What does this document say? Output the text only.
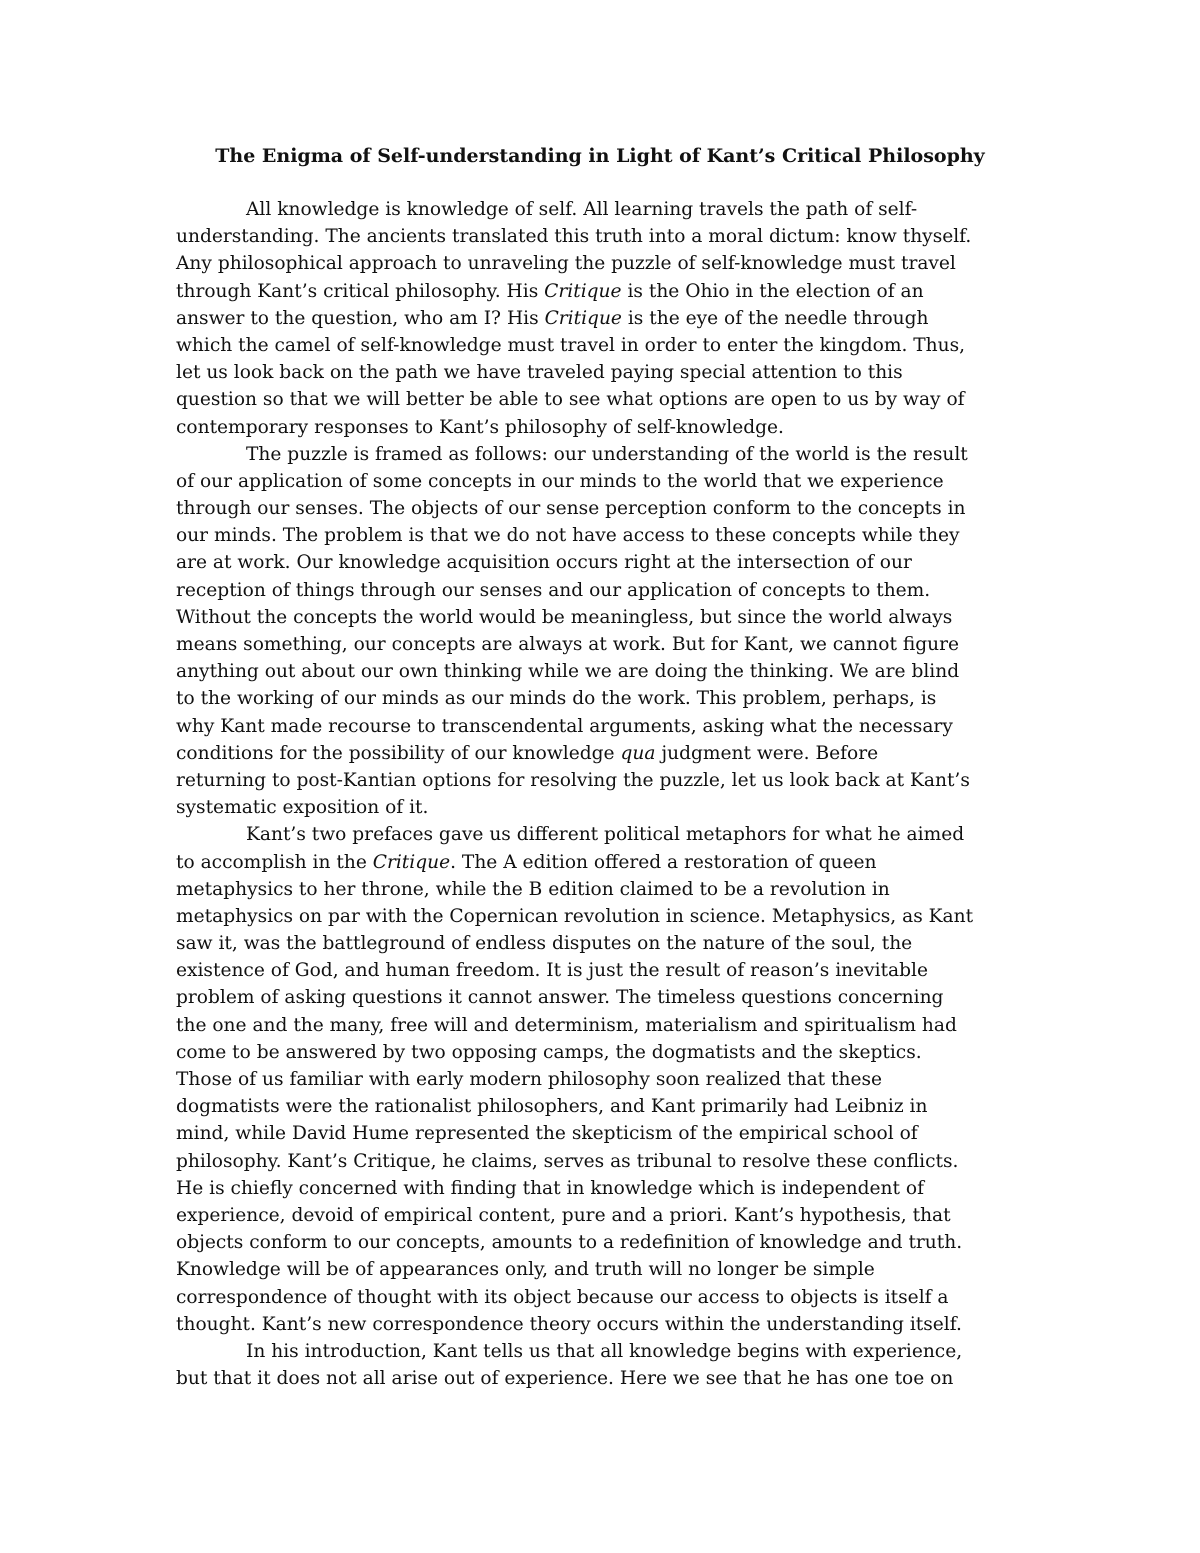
The Enigma of Self-understanding in Light of Kant’s Critical Philosophy
All knowledge is knowledge of self. All learning travels the path of self-
understanding. The ancients translated this truth into a moral dictum: know thyself.
Any philosophical approach to unraveling the puzzle of self-knowledge must travel
through Kant’s critical philosophy. His Critique is the Ohio in the election of an
answer to the question, who am I? His Critique is the eye of the needle through
which the camel of self-knowledge must travel in order to enter the kingdom. Thus,
let us look back on the path we have traveled paying special attention to this
question so that we will better be able to see what options are open to us by way of
contemporary responses to Kant’s philosophy of self-knowledge.
The puzzle is framed as follows: our understanding of the world is the result
of our application of some concepts in our minds to the world that we experience
through our senses. The objects of our sense perception conform to the concepts in
our minds. The problem is that we do not have access to these concepts while they
are at work. Our knowledge acquisition occurs right at the intersection of our
reception of things through our senses and our application of concepts to them.
Without the concepts the world would be meaningless, but since the world always
means something, our concepts are always at work. But for Kant, we cannot figure
anything out about our own thinking while we are doing the thinking. We are blind
to the working of our minds as our minds do the work. This problem, perhaps, is
why Kant made recourse to transcendental arguments, asking what the necessary
conditions for the possibility of our knowledge qua judgment were. Before
returning to post-Kantian options for resolving the puzzle, let us look back at Kant’s
systematic exposition of it.
Kant’s two prefaces gave us different political metaphors for what he aimed
to accomplish in the Critique. The A edition offered a restoration of queen
metaphysics to her throne, while the B edition claimed to be a revolution in
metaphysics on par with the Copernican revolution in science. Metaphysics, as Kant
saw it, was the battleground of endless disputes on the nature of the soul, the
existence of God, and human freedom. It is just the result of reason’s inevitable
problem of asking questions it cannot answer. The timeless questions concerning
the one and the many, free will and determinism, materialism and spiritualism had
come to be answered by two opposing camps, the dogmatists and the skeptics.
Those of us familiar with early modern philosophy soon realized that these
dogmatists were the rationalist philosophers, and Kant primarily had Leibniz in
mind, while David Hume represented the skepticism of the empirical school of
philosophy. Kant’s Critique, he claims, serves as tribunal to resolve these conflicts.
He is chiefly concerned with finding that in knowledge which is independent of
experience, devoid of empirical content, pure and a priori. Kant’s hypothesis, that
objects conform to our concepts, amounts to a redefinition of knowledge and truth.
Knowledge will be of appearances only, and truth will no longer be simple
correspondence of thought with its object because our access to objects is itself a
thought. Kant’s new correspondence theory occurs within the understanding itself.
In his introduction, Kant tells us that all knowledge begins with experience,
but that it does not all arise out of experience. Here we see that he has one toe on
